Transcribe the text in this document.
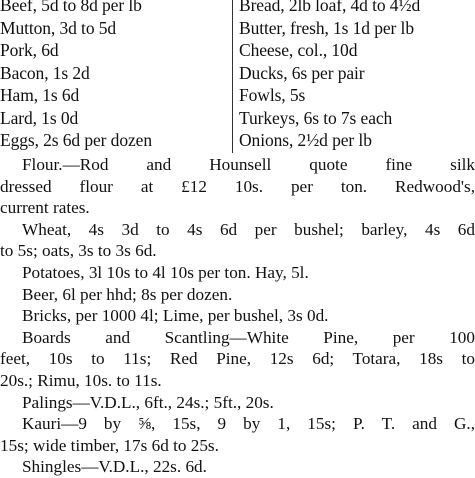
Beef, 5d to 8d per lb
Mutton, 3d to 5d
Pork, 6d
Bacon, 1s 2d
Ham, 1s 6d
Lard, 1s 0d
Eggs, 2s 6d per dozen
Bread, 2lb loaf, 4d to 4½d
Butter, fresh, 1s 1d per lb
Cheese, col., 10d
Ducks, 6s per pair
Fowls, 5s
Turkeys, 6s to 7s each
Onions, 2½d per lb
Flour.—Rod and Hounsell quote fine silk
dressed flour at £12 10s. per ton. Redwood's,
current rates.
Wheat, 4s 3d to 4s 6d per bushel; barley, 4s 6d
to 5s; oats, 3s to 3s 6d.
Potatoes, 3l 10s to 4l 10s per ton. Hay, 5l.
Beer, 6l per hhd; 8s per dozen.
Bricks, per 1000 4l; Lime, per bushel, 3s 0d.
Boards and Scantling—White Pine, per 100
feet, 10s to 11s; Red Pine, 12s 6d; Totara, 18s to
20s.; Rimu, 10s. to 11s.
Palings—V.D.L., 6ft., 24s.; 5ft., 20s.
Kauri—9 by ⅝, 15s, 9 by 1, 15s; P. T. and G.,
15s; wide timber, 17s 6d to 25s.
Shingles—V.D.L., 22s. 6d.
